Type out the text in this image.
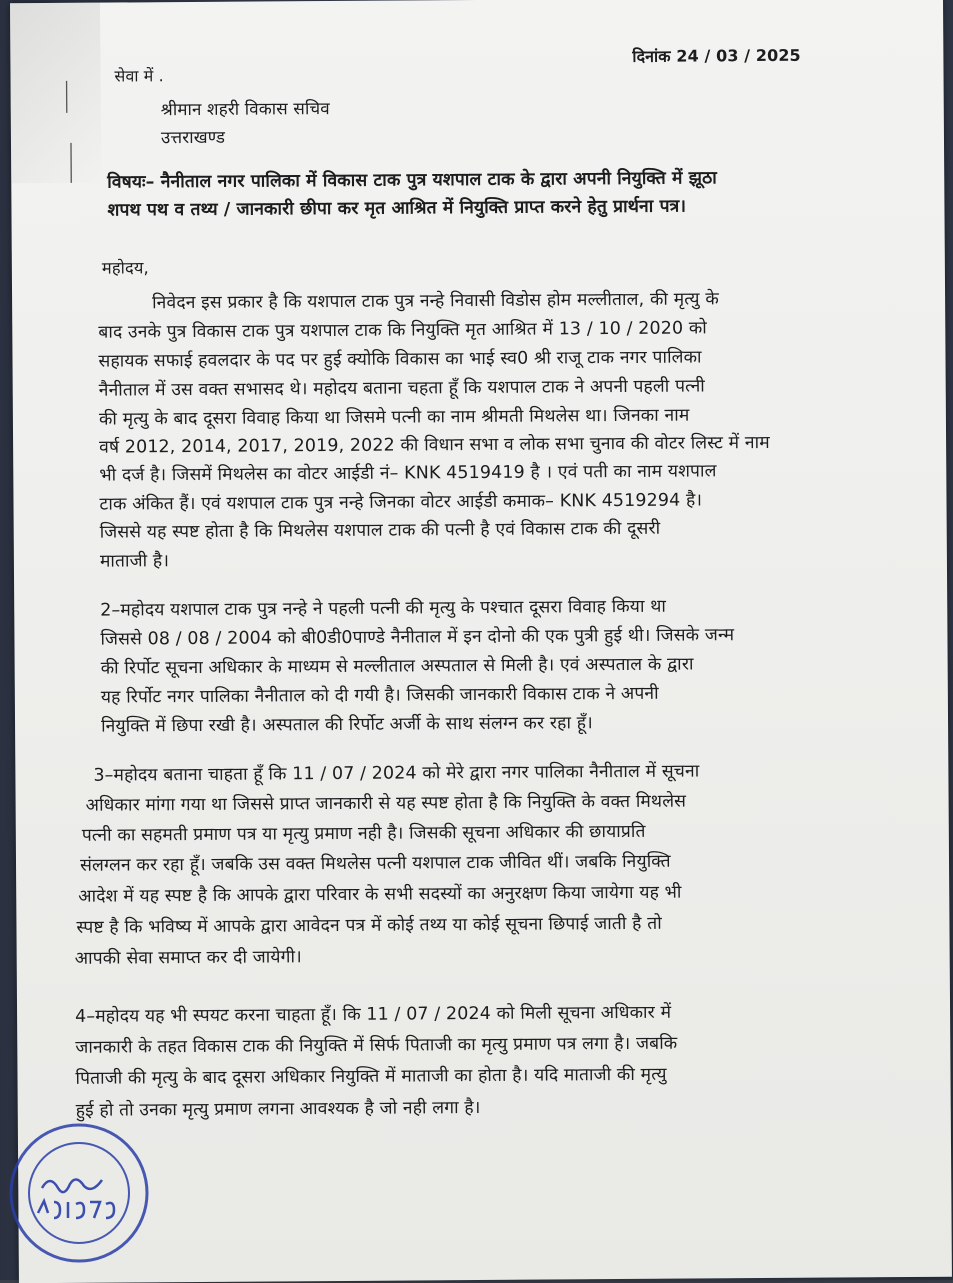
दिनांक 24 / 03 / 2025
सेवा में .
श्रीमान शहरी विकास सचिव
उत्तराखण्ड
विषयः– नैनीताल नगर पालिका में विकास टाक पुत्र यशपाल टाक के द्वारा अपनी नियुक्ति में झूठा
शपथ पथ व तथ्य / जानकारी छीपा कर मृत आश्रित में नियुक्ति प्राप्त करने हेतु प्रार्थना पत्र।
महोदय,
निवेदन इस प्रकार है कि यशपाल टाक पुत्र नन्हे निवासी विडोस होम मल्लीताल, की मृत्यु के
बाद उनके पुत्र विकास टाक पुत्र यशपाल टाक कि नियुक्ति मृत आश्रित में 13 / 10 / 2020 को
सहायक सफाई हवलदार के पद पर हुई क्योकि विकास का भाई स्व0 श्री राजू टाक नगर पालिका
नैनीताल में उस वक्त सभासद थे। महोदय बताना चहता हूँ कि यशपाल टाक ने अपनी पहली पत्नी
की मृत्यु के बाद दूसरा विवाह किया था जिसमे पत्नी का नाम श्रीमती मिथलेस था। जिनका नाम
वर्ष 2012, 2014, 2017, 2019, 2022 की विधान सभा व लोक सभा चुनाव की वोटर लिस्ट में नाम
भी दर्ज है। जिसमें मिथलेस का वोटर आईडी नं– KNK 4519419 है । एवं पती का नाम यशपाल
टाक अंकित हैं। एवं यशपाल टाक पुत्र नन्हे जिनका वोटर आईडी कमाक– KNK 4519294 है।
जिससे यह स्पष्ट होता है कि मिथलेस यशपाल टाक की पत्नी है एवं विकास टाक की दूसरी
माताजी है।
2–महोदय यशपाल टाक पुत्र नन्हे ने पहली पत्नी की मृत्यु के पश्चात दूसरा विवाह किया था
जिससे 08 / 08 / 2004 को बी0डी0पाण्डे नैनीताल में इन दोनो की एक पुत्री हुई थी। जिसके जन्म
की रिर्पोट सूचना अधिकार के माध्यम से मल्लीताल अस्पताल से मिली है। एवं अस्पताल के द्वारा
यह रिर्पोट नगर पालिका नैनीताल को दी गयी है। जिसकी जानकारी विकास टाक ने अपनी
नियुक्ति में छिपा रखी है। अस्पताल की रिर्पोट अर्जी के साथ संलग्न कर रहा हूँ।
3–महोदय बताना चाहता हूँ कि 11 / 07 / 2024 को मेरे द्वारा नगर पालिका नैनीताल में सूचना
अधिकार मांगा गया था जिससे प्राप्त जानकारी से यह स्पष्ट होता है कि नियुक्ति के वक्त मिथलेस
पत्नी का सहमती प्रमाण पत्र या मृत्यु प्रमाण नही है। जिसकी सूचना अधिकार की छायाप्रति
संलग्लन कर रहा हूँ। जबकि उस वक्त मिथलेस पत्नी यशपाल टाक जीवित थीं। जबकि नियुक्ति
आदेश में यह स्पष्ट है कि आपके द्वारा परिवार के सभी सदस्यों का अनुरक्षण किया जायेगा यह भी
स्पष्ट है कि भविष्य में आपके द्वारा आवेदन पत्र में कोई तथ्य या कोई सूचना छिपाई जाती है तो
आपकी सेवा समाप्त कर दी जायेगी।
4–महोदय यह भी स्पयट करना चाहता हूँ। कि 11 / 07 / 2024 को मिली सूचना अधिकार में
जानकारी के तहत विकास टाक की नियुक्ति में सिर्फ पिताजी का मृत्यु प्रमाण पत्र लगा है। जबकि
पिताजी की मृत्यु के बाद दूसरा अधिकार नियुक्ति में माताजी का होता है। यदि माताजी की मृत्यु
हुई हो तो उनका मृत्यु प्रमाण लगना आवश्यक है जो नही लगा है।
24/03/25
